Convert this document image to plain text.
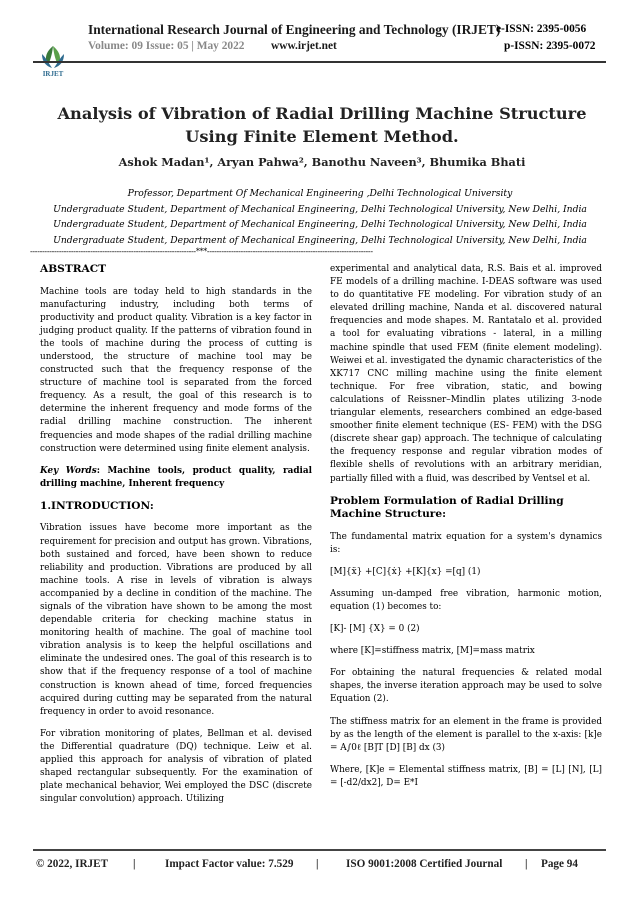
IRJET
International Research Journal of Engineering and Technology (IRJET)
Volume: 09 Issue: 05 | May 2022 www.irjet.net
e-ISSN: 2395-0056
p-ISSN: 2395-0072
Analysis of Vibration of Radial Drilling Machine Structure Using Finite Element Method.
Ashok Madan¹, Aryan Pahwa², Banothu Naveen³, Bhumika Bhati
Professor, Department Of Mechanical Engineering ,Delhi Technological University
Undergraduate Student, Department of Mechanical Engineering, Delhi Technological University, New Delhi, India
Undergraduate Student, Department of Mechanical Engineering, Delhi Technological University, New Delhi, India
Undergraduate Student, Department of Mechanical Engineering, Delhi Technological University, New Delhi, India
---------------------------------------------------------------------***---------------------------------------------------------------------
ABSTRACT

Machine tools are today held to high standards in the manufacturing industry, including both terms of productivity and product quality. Vibration is a key factor in judging product quality. If the patterns of vibration found in the tools of machine during the process of cutting is understood, the structure of machine tool may be constructed such that the frequency response of the structure of machine tool is separated from the forced frequency. As a result, the goal of this research is to determine the inherent frequency and mode forms of the radial drilling machine construction. The inherent frequencies and mode shapes of the radial drilling machine construction were determined using finite element analysis.

Key Words: Machine tools, product quality, radial drilling machine, Inherent frequency

1.INTRODUCTION:

Vibration issues have become more important as the requirement for precision and output has grown. Vibrations, both sustained and forced, have been shown to reduce reliability and production. Vibrations are produced by all machine tools. A rise in levels of vibration is always accompanied by a decline in condition of the machine. The signals of the vibration have shown to be among the most dependable criteria for checking machine status in monitoring health of machine. The goal of machine tool vibration analysis is to keep the helpful oscillations and eliminate the undesired ones. The goal of this research is to show that if the frequency response of a tool of machine construction is known ahead of time, forced frequencies acquired during cutting may be separated from the natural frequency in order to avoid resonance.

For vibration monitoring of plates, Bellman et al. devised the Differential quadrature (DQ) technique. Leiw et al. applied this approach for analysis of vibration of plated shaped rectangular subsequently. For the examination of plate mechanical behavior, Wei employed the DSC (discrete singular convolution) approach. Utilizing

experimental and analytical data, R.S. Bais et al. improved FE models of a drilling machine. I-DEAS software was used to do quantitative FE modeling. For vibration study of an elevated drilling machine, Nanda et al. discovered natural frequencies and mode shapes. M. Rantatalo et al. provided a tool for evaluating vibrations - lateral, in a milling machine spindle that used FEM (finite element modeling). Weiwei et al. investigated the dynamic characteristics of the XK717 CNC milling machine using the finite element technique. For free vibration, static, and bowing calculations of Reissner–Mindlin plates utilizing 3-node triangular elements, researchers combined an edge-based smoother finite element technique (ES- FEM) with the DSG (discrete shear gap) approach. The technique of calculating the frequency response and regular vibration modes of flexible shells of revolutions with an arbitrary meridian, partially filled with a fluid, was described by Ventsel et al.

Problem Formulation of Radial Drilling Machine Structure:

The fundamental matrix equation for a system's dynamics is:

[M]{ẍ} +[C]{ẋ} +[K]{x} =[q] (1)

Assuming un-damped free vibration, harmonic motion, equation (1) becomes to:

[K]- [M] {X} = 0 (2)

where [K]=stiffness matrix, [M]=mass matrix

For obtaining the natural frequencies & related modal shapes, the inverse iteration approach may be used to solve Equation (2).

The stiffness matrix for an element in the frame is provided by as the length of the element is parallel to the x-axis: [k]e = A∫0ℓ [B]T [D] [B] dx (3)

Where, [K]e = Elemental stiffness matrix, [B] = [L] [N], [L] = [-d2/dx2], D= E*I

© 2022, IRJET |	Impact Factor value: 7.529 | ISO 9001:2008 Certified Journal | Page 94
